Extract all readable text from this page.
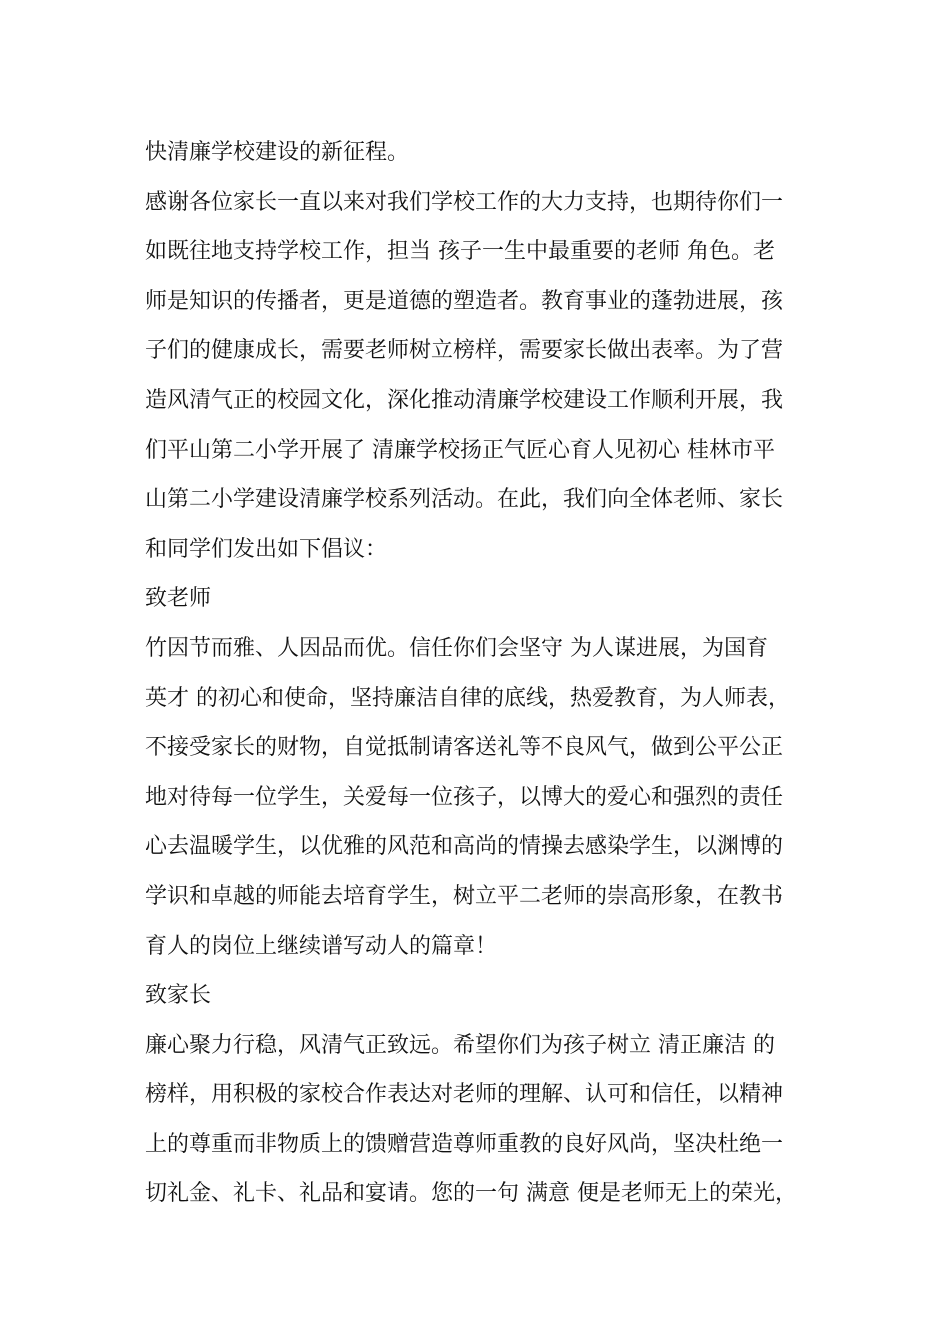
快清廉学校建设的新征程。
感谢各位家长一直以来对我们学校工作的大力支持，也期待你们一
如既往地支持学校工作，担当 孩子一生中最重要的老师 角色。老
师是知识的传播者，更是道德的塑造者。教育事业的蓬勃进展，孩
子们的健康成长，需要老师树立榜样，需要家长做出表率。为了营
造风清气正的校园文化，深化推动清廉学校建设工作顺利开展，我
们平山第二小学开展了 清廉学校扬正气匠心育人见初心 桂林市平
山第二小学建设清廉学校系列活动。在此，我们向全体老师、家长
和同学们发出如下倡议：
致老师
竹因节而雅、人因品而优。信任你们会坚守 为人谋进展，为国育
英才 的初心和使命，坚持廉洁自律的底线，热爱教育，为人师表，
不接受家长的财物，自觉抵制请客送礼等不良风气，做到公平公正
地对待每一位学生，关爱每一位孩子，以博大的爱心和强烈的责任
心去温暖学生，以优雅的风范和高尚的情操去感染学生，以渊博的
学识和卓越的师能去培育学生，树立平二老师的崇高形象，在教书
育人的岗位上继续谱写动人的篇章！
致家长
廉心聚力行稳，风清气正致远。希望你们为孩子树立 清正廉洁 的
榜样，用积极的家校合作表达对老师的理解、认可和信任，以精神
上的尊重而非物质上的馈赠营造尊师重教的良好风尚，坚决杜绝一
切礼金、礼卡、礼品和宴请。您的一句 满意 便是老师无上的荣光，
